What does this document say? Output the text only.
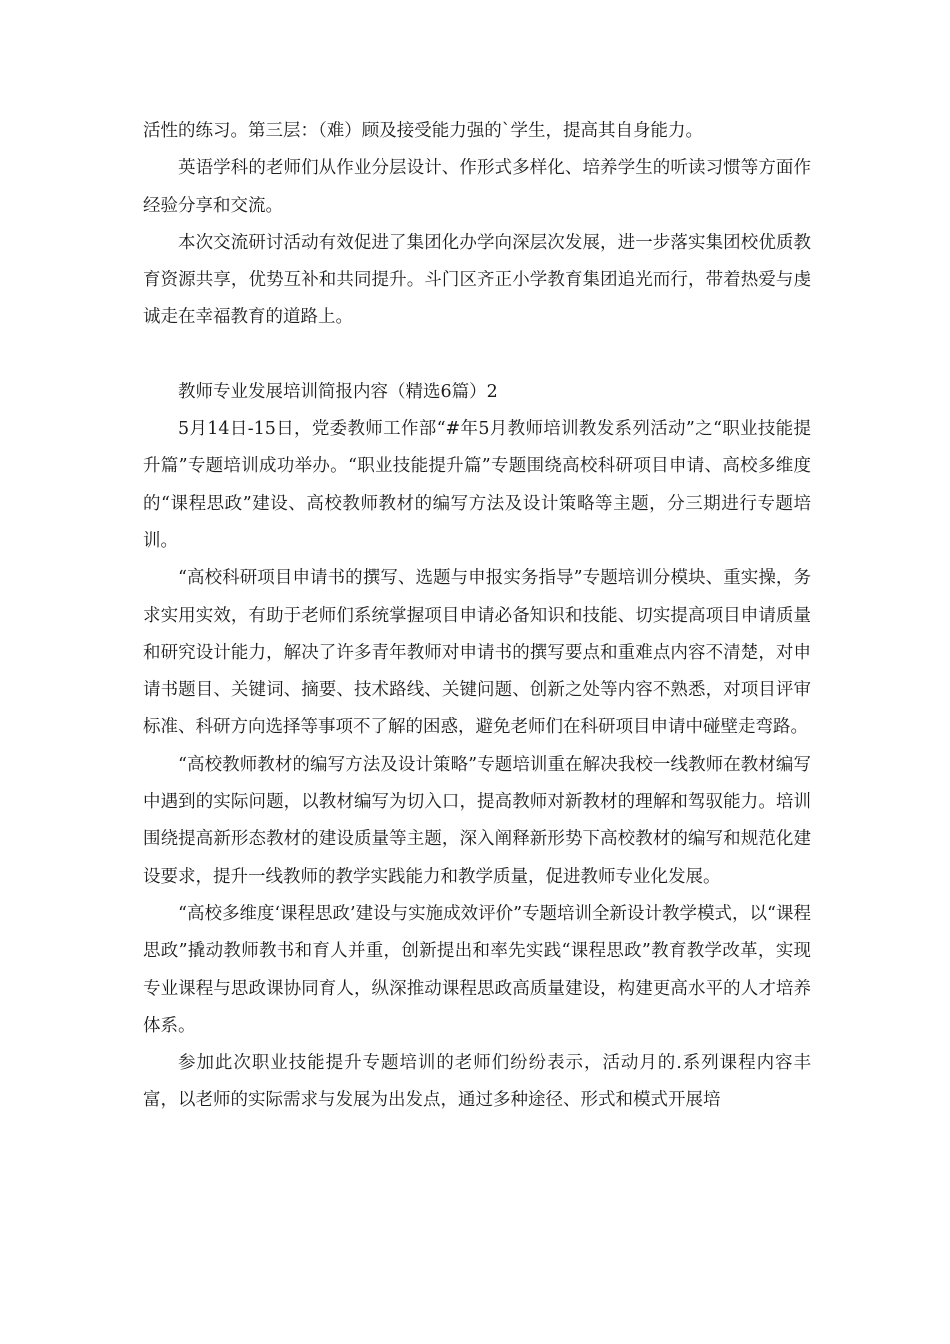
活性的练习。第三层：（难）顾及接受能力强的`学生，提高其自身能力。

英语学科的老师们从作业分层设计、作形式多样化、培养学生的听读习惯等方面作经验分享和交流。

本次交流研讨活动有效促进了集团化办学向深层次发展，进一步落实集团校优质教育资源共享，优势互补和共同提升。斗门区齐正小学教育集团追光而行，带着热爱与虔诚走在幸福教育的道路上。

教师专业发展培训简报内容（精选6篇）2

5月14日-15日，党委教师工作部“#年5月教师培训教发系列活动”之“职业技能提升篇”专题培训成功举办。“职业技能提升篇”专题围绕高校科研项目申请、高校多维度的“课程思政”建设、高校教师教材的编写方法及设计策略等主题，分三期进行专题培训。

“高校科研项目申请书的撰写、选题与申报实务指导”专题培训分模块、重实操，务求实用实效，有助于老师们系统掌握项目申请必备知识和技能、切实提高项目申请质量和研究设计能力，解决了许多青年教师对申请书的撰写要点和重难点内容不清楚，对申请书题目、关键词、摘要、技术路线、关键问题、创新之处等内容不熟悉，对项目评审标准、科研方向选择等事项不了解的困惑，避免老师们在科研项目申请中碰壁走弯路。

“高校教师教材的编写方法及设计策略”专题培训重在解决我校一线教师在教材编写中遇到的实际问题，以教材编写为切入口，提高教师对新教材的理解和驾驭能力。培训围绕提高新形态教材的建设质量等主题，深入阐释新形势下高校教材的编写和规范化建设要求，提升一线教师的教学实践能力和教学质量，促进教师专业化发展。

“高校多维度‘课程思政’建设与实施成效评价”专题培训全新设计教学模式，以“课程思政”撬动教师教书和育人并重，创新提出和率先实践“课程思政”教育教学改革，实现专业课程与思政课协同育人，纵深推动课程思政高质量建设，构建更高水平的人才培养体系。

参加此次职业技能提升专题培训的老师们纷纷表示，活动月的.系列课程内容丰富，以老师的实际需求与发展为出发点，通过多种途径、形式和模式开展培
